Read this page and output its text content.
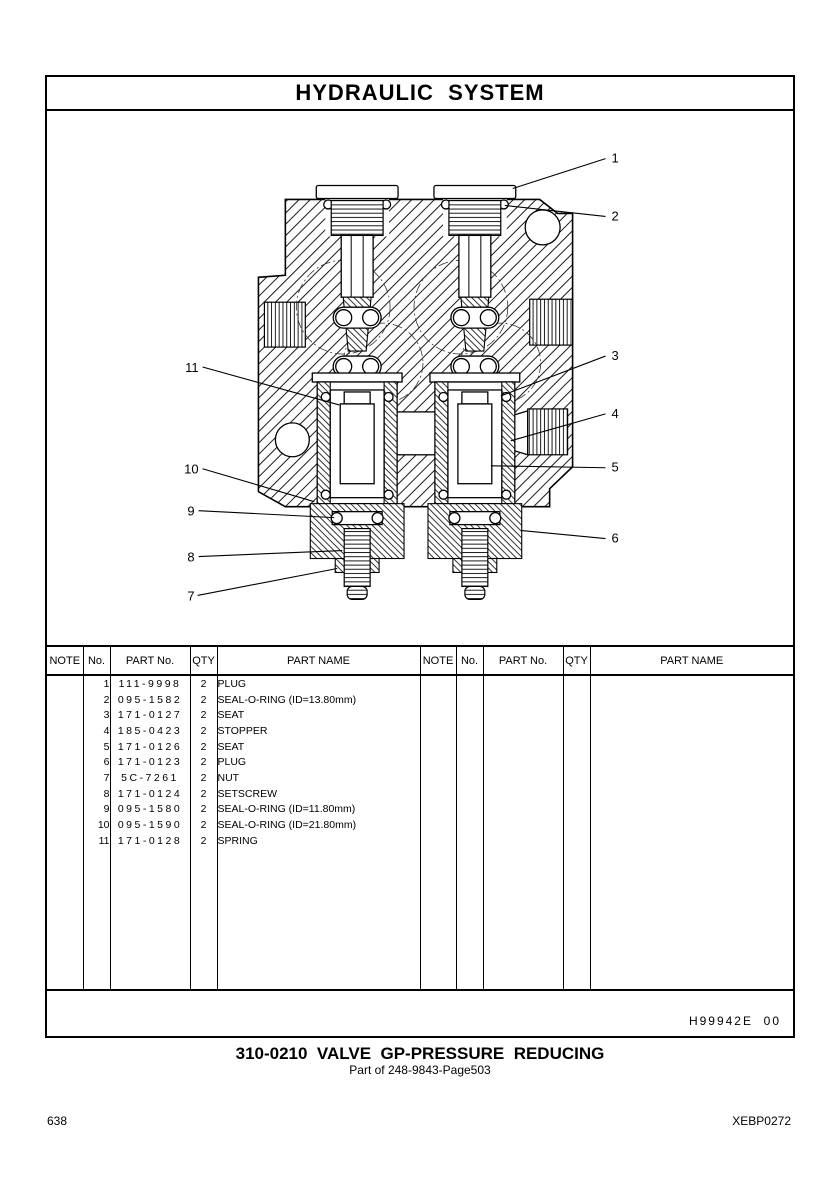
HYDRAULIC  SYSTEM
1
2
3
4
5
6
7
8
9
10
11
NOTE	No.	PART No.	QTY	PART NAME	NOTE	No.	PART No.	QTY	PART NAME
	1	111-9998	2	PLUG					
	2	095-1582	2	SEAL-O-RING (ID=13.80mm)					
	3	171-0127	2	SEAT					
	4	185-0423	2	STOPPER					
	5	171-0126	2	SEAT					
	6	171-0123	2	PLUG					
	7	5C-7261	2	NUT					
	8	171-0124	2	SETSCREW					
	9	095-1580	2	SEAL-O-RING (ID=11.80mm)					
	10	095-1590	2	SEAL-O-RING (ID=21.80mm)					
	11	171-0128	2	SPRING					

H99942E  00
310-0210  VALVE  GP-PRESSURE  REDUCING
Part of 248-9843-Page503
638	XEBP0272
